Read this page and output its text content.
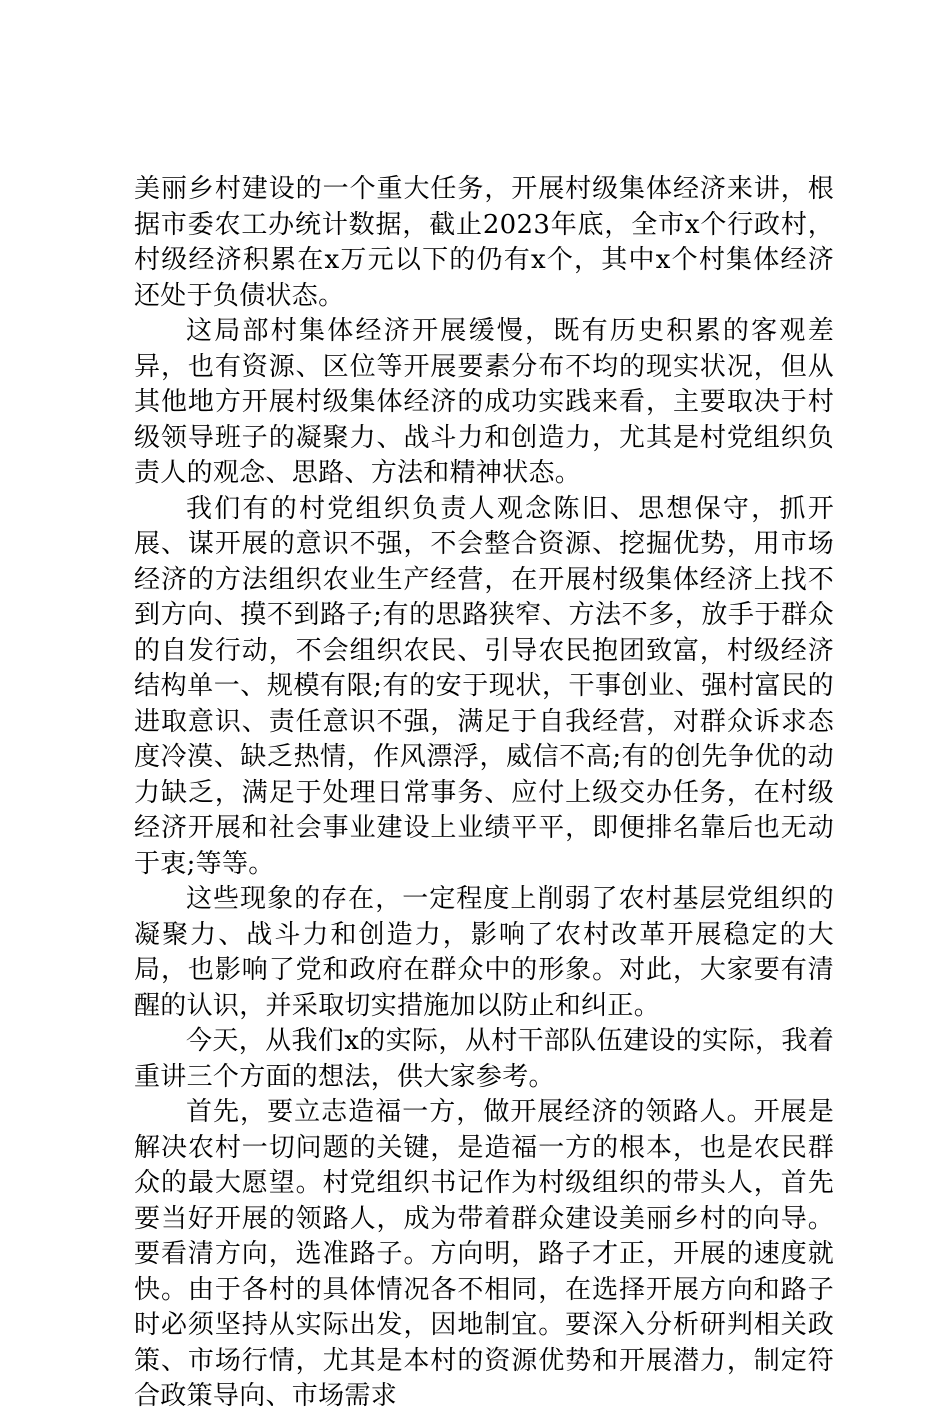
美丽乡村建设的一个重大任务，开展村级集体经济来讲，根据市委农工办统计数据，截止2023年底，全市x个行政村，村级经济积累在x万元以下的仍有x个，其中x个村集体经济还处于负债状态。

这局部村集体经济开展缓慢，既有历史积累的客观差异，也有资源、区位等开展要素分布不均的现实状况，但从其他地方开展村级集体经济的成功实践来看，主要取决于村级领导班子的凝聚力、战斗力和创造力，尤其是村党组织负责人的观念、思路、方法和精神状态。

我们有的村党组织负责人观念陈旧、思想保守，抓开展、谋开展的意识不强，不会整合资源、挖掘优势，用市场经济的方法组织农业生产经营，在开展村级集体经济上找不到方向、摸不到路子;有的思路狭窄、方法不多，放手于群众的自发行动，不会组织农民、引导农民抱团致富，村级经济结构单一、规模有限;有的安于现状，干事创业、强村富民的进取意识、责任意识不强，满足于自我经营，对群众诉求态度冷漠、缺乏热情，作风漂浮，威信不高;有的创先争优的动力缺乏，满足于处理日常事务、应付上级交办任务，在村级经济开展和社会事业建设上业绩平平，即便排名靠后也无动于衷;等等。

这些现象的存在，一定程度上削弱了农村基层党组织的凝聚力、战斗力和创造力，影响了农村改革开展稳定的大局，也影响了党和政府在群众中的形象。对此，大家要有清醒的认识，并采取切实措施加以防止和纠正。

今天，从我们x的实际，从村干部队伍建设的实际，我着重讲三个方面的想法，供大家参考。

首先，要立志造福一方，做开展经济的领路人。开展是解决农村一切问题的关键，是造福一方的根本，也是农民群众的最大愿望。村党组织书记作为村级组织的带头人，首先要当好开展的领路人，成为带着群众建设美丽乡村的向导。要看清方向，选准路子。方向明，路子才正，开展的速度就快。由于各村的具体情况各不相同，在选择开展方向和路子时必须坚持从实际出发，因地制宜。要深入分析研判相关政策、市场行情，尤其是本村的资源优势和开展潜力，制定符合政策导向、市场需求
